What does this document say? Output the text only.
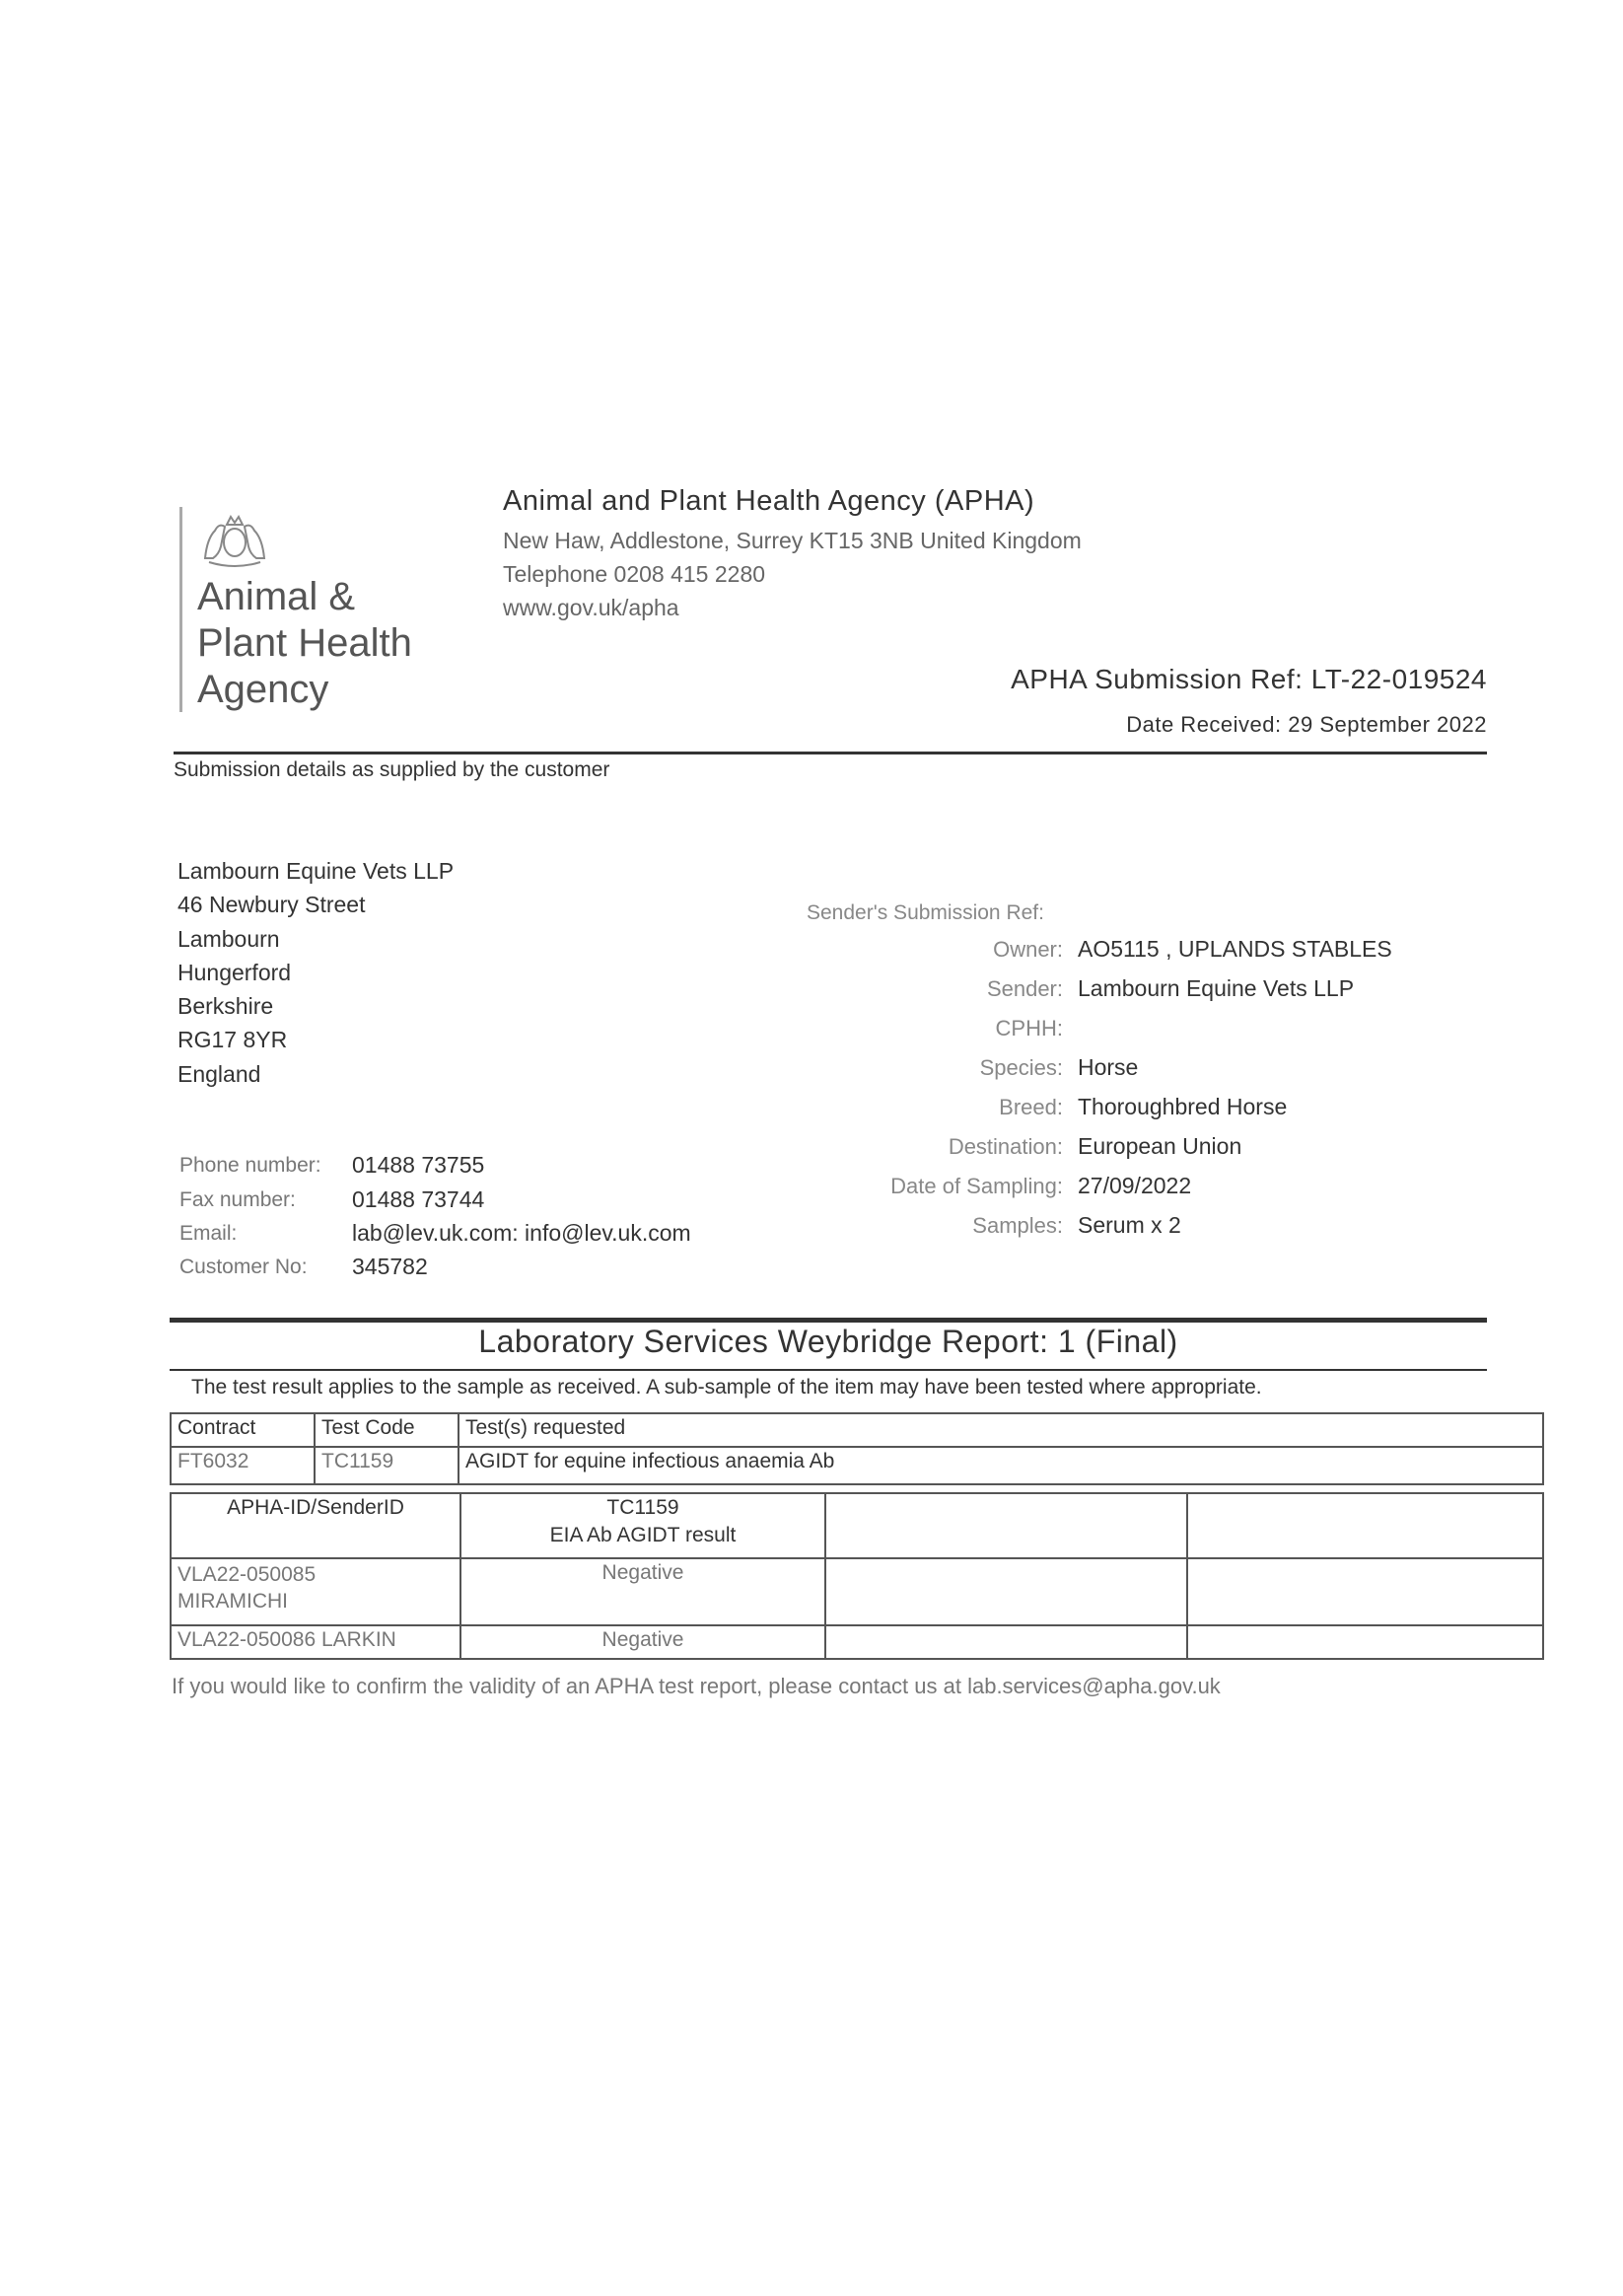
Animal &
Plant Health
Agency
Animal and Plant Health Agency (APHA)
New Haw, Addlestone, Surrey KT15 3NB United Kingdom
Telephone 0208 415 2280
www.gov.uk/apha
APHA Submission Ref: LT-22-019524
Date Received: 29 September 2022
Submission details as supplied by the customer
Lambourn Equine Vets LLP
46 Newbury Street
Lambourn
Hungerford
Berkshire
RG17 8YR
England
Phone number: 01488 73755
Fax number: 01488 73744
Email:	lab@lev.uk.com: info@lev.uk.com
Customer No: 345782
Sender's Submission Ref:
Owner: AO5115 , UPLANDS STABLES
Sender: Lambourn Equine Vets LLP
CPHH:
Species: Horse
Breed: Thoroughbred Horse
Destination: European Union
Date of Sampling: 27/09/2022
Samples: Serum x 2
Laboratory Services Weybridge Report: 1 (Final)
The test result applies to the sample as received. A sub-sample of the item may have been tested where appropriate.
Contract	Test Code	Test(s) requested
FT6032	TC1159	AGIDT for equine infectious anaemia Ab
APHA-ID/SenderID	TC1159
EIA Ab AGIDT result		

VLA22-050085
MIRAMICHI	Negative		
VLA22-050086 LARKIN	Negative		
If you would like to confirm the validity of an APHA test report, please contact us at lab.services@apha.gov.uk
